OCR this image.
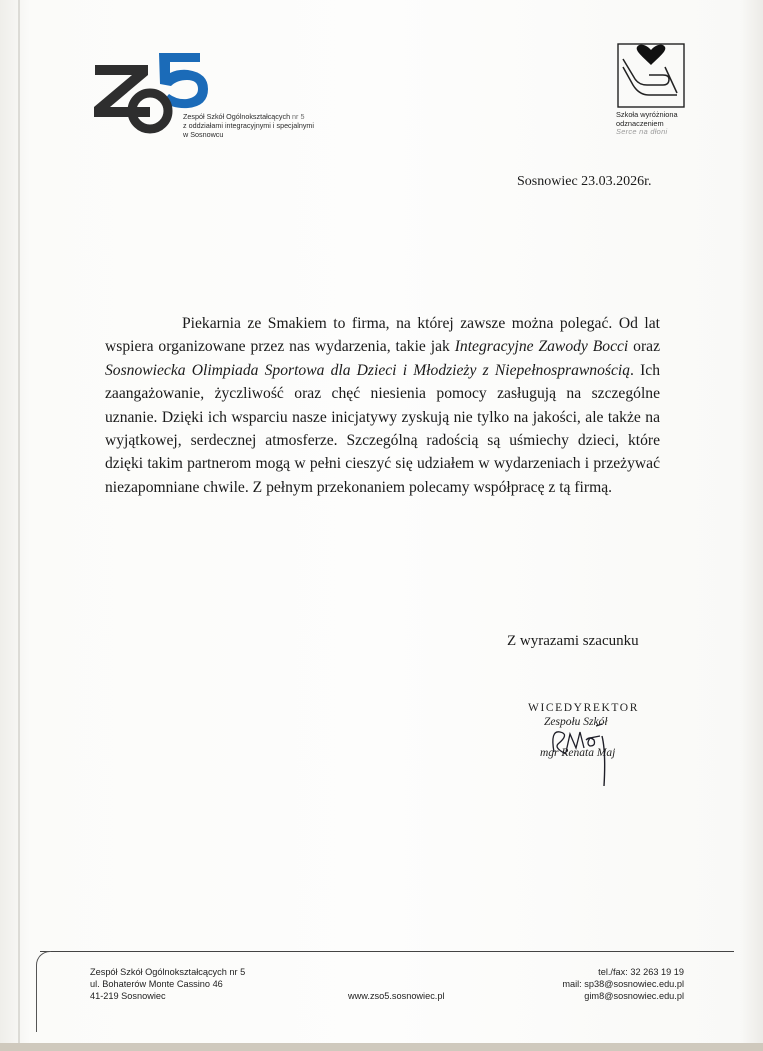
Zespół Szkół Ogólnokształcących nr 5
z oddziałami integracyjnymi i specjalnymi
w Sosnowcu
Szkoła wyróżniona
odznaczeniem
Serce na dłoni
Sosnowiec 23.03.2026r.
Piekarnia ze Smakiem to firma, na której zawsze można polegać. Od lat wspiera organizowane przez nas wydarzenia, takie jak Integracyjne Zawody Bocci oraz Sosnowiecka Olimpiada Sportowa dla Dzieci i Młodzieży z Niepełnosprawnością. Ich zaangażowanie, życzliwość oraz chęć niesienia pomocy zasługują na szczególne uznanie. Dzięki ich wsparciu nasze inicjatywy zyskują nie tylko na jakości, ale także na wyjątkowej, serdecznej atmosferze. Szczególną radością są uśmiechy dzieci, które dzięki takim partnerom mogą w pełni cieszyć się udziałem w wydarzeniach i przeżywać niezapomniane chwile. Z pełnym przekonaniem polecamy współpracę z tą firmą.
Z wyrazami szacunku
WICEDYREKTOR
Zespołu Szkół
mgr Renata Maj
Zespół Szkół Ogólnokształcących nr 5
ul. Bohaterów Monte Cassino 46
41-219 Sosnowiec	www.zso5.sosnowiec.pl
tel./fax: 32 263 19 19
mail: sp38@sosnowiec.edu.pl
gim8@sosnowiec.edu.pl
